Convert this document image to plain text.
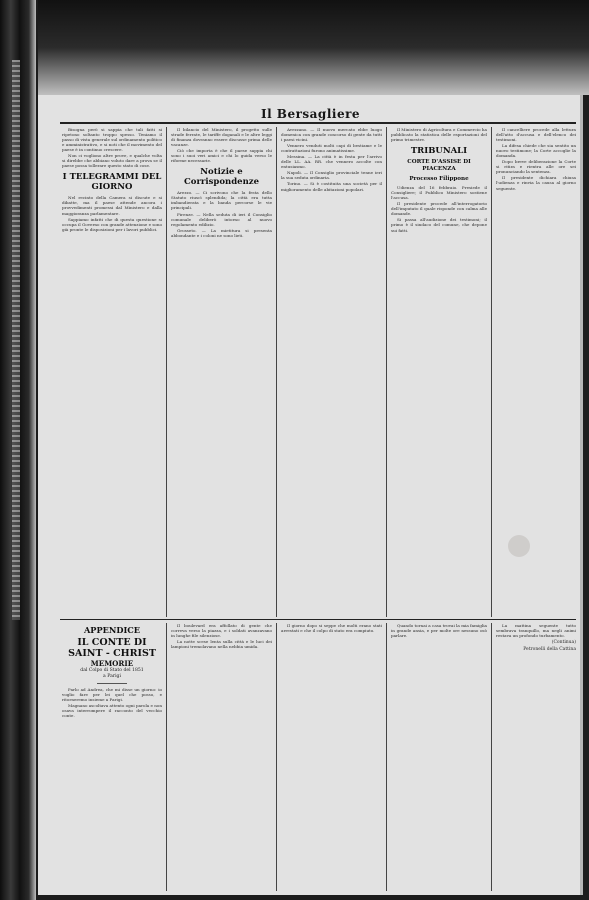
Il Bersagliere

Bisogna però si sappia che tali fatti si ripetono soltanto troppo spesso. Teniamo il passo di vista generale sul ordinamento politico e amministrativo, e si noti che il movimento del paese è in continuo crescere.

Non ci vogliono altre prove, e qualche volta si direbbe che abbiano voluto dare a prova se il paese possa tollerare questo stato di cose.

I TELEGRAMMI DEL GIORNO

Nel recinto della Camera si discute e si dibatte, ma il paese attende ancora i provvedimenti promessi dal Ministero e dalla maggioranza parlamentare.

Sappiamo infatti che di questa questione si occupa il Governo con grande attenzione e sono già pronte le disposizioni per i lavori pubblici.

Il bilancio del Ministero, il progetto sulle strade ferrate, le tariffe doganali e le altre leggi di finanza dovranno essere discusse prima delle vacanze.

Ciò che importa è che il paese sappia chi sono i suoi veri amici e chi lo guida verso le riforme necessarie.

Notizie e Corrispondenze

Arezzo. — Ci scrivono che la festa dello Statuto riuscì splendida; la città era tutta imbandierata e la banda percorse le vie principali.

Firenze. — Nella seduta di ieri il Consiglio comunale deliberò intorno al nuovo regolamento edilizio.

Grosseto. — La mietitura si presenta abbondante e i coloni ne sono lieti.

Avezzano. — Il nuovo mercato ebbe luogo domenica con grande concorso di gente da tutti i paesi vicini.

Vennero venduti molti capi di bestiame e le contrattazioni furono animatissime.

Messina. — La città è in festa per l'arrivo delle LL. AA. RR. che vennero accolte con entusiasmo.

Napoli. — Il Consiglio provinciale tenne ieri la sua seduta ordinaria.

Torino. — Si è costituita una società per il miglioramento delle abitazioni popolari.

Il Ministero di Agricoltura e Commercio ha pubblicato la statistica delle esportazioni del primo trimestre.

TRIBUNALI
CORTE D'ASSISE DI PIACENZA
Processo Filippone

Udienza del 16 febbraio. Presiede il Consigliere; il Pubblico Ministero sostiene l'accusa.

Il presidente procede all'interrogatorio dell'imputato il quale risponde con calma alle domande.

Si passa all'audizione dei testimoni; il primo è il sindaco del comune, che depone sui fatti.

Il cancelliere procede alla lettura dell'atto d'accusa e dell'elenco dei testimoni.

La difesa chiede che sia sentito un nuovo testimone; la Corte accoglie la domanda.

Dopo breve deliberazione la Corte si ritira e rientra alle ore sei pronunciando la sentenza.

Il presidente dichiara chiusa l'udienza e rinvia la causa al giorno seguente.

APPENDICE
IL CONTE DI SAINT - CHRIST
MEMORIE
dal Colpo di Stato del 1851
a Parigi

Parlo ad Andrea, che mi disse un giorno: io voglio fare per lei quel che posso, e ritorneremo insieme a Parigi.

Magnano ascoltava attento ogni parola e non osava interrompere il racconto del vecchio conte.

Il boulevard era affollato di gente che correva verso la piazza, e i soldati avanzavano in lunghe file silenziose.

La notte scese lenta sulla città e le luci dei lampioni tremolavano nella nebbia umida.

Il giorno dopo si seppe che molti erano stati arrestati e che il colpo di stato era compiuto.

Quando tornai a casa trovai la mia famiglia in grande ansia, e per molte ore nessuno osò parlare.

La mattina seguente tutto sembrava tranquillo, ma negli animi restava un profondo turbamento.

(Continua)
Petronelli della Cattina
